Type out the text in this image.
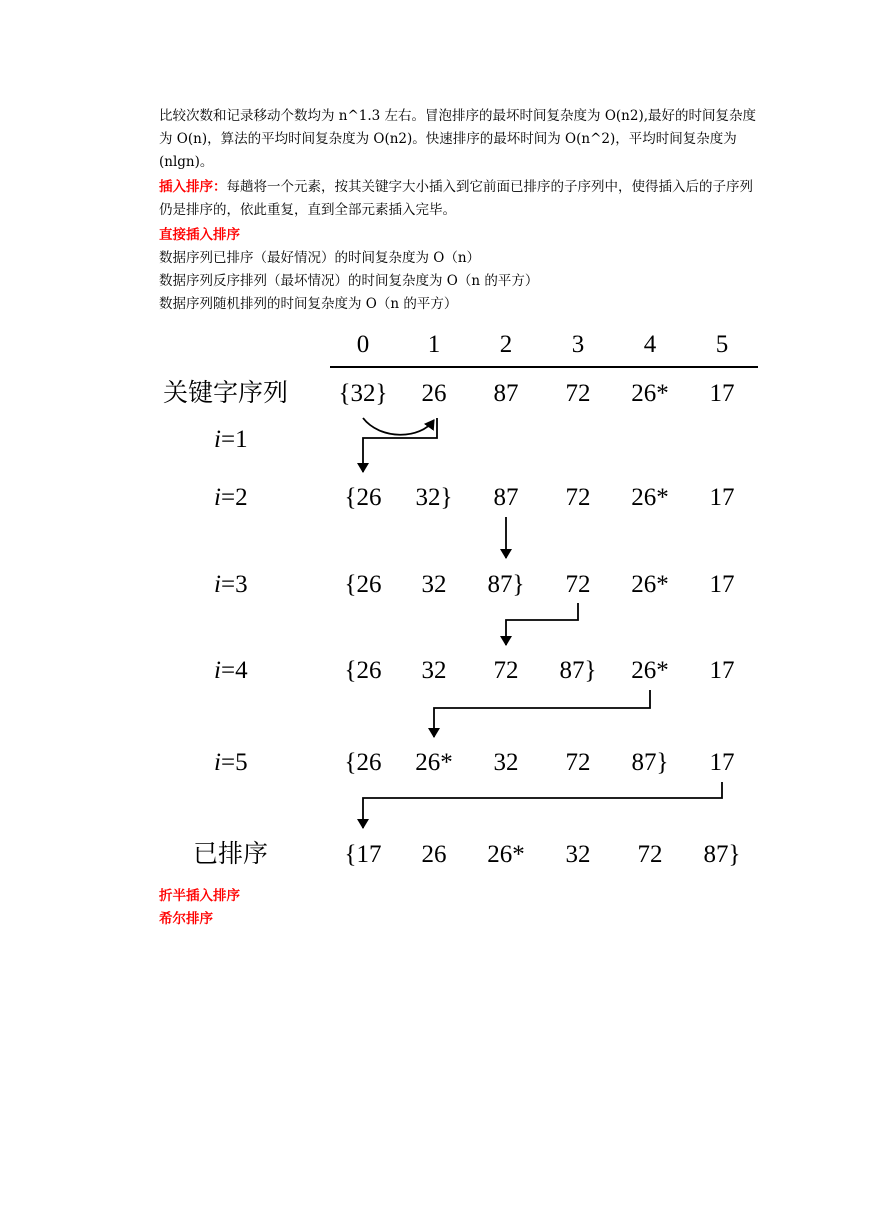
比较次数和记录移动个数均为 n^1.3 左右。冒泡排序的最坏时间复杂度为 O(n2),最好的时间复杂度为 O(n)，算法的平均时间复杂度为 O(n2)。快速排序的最坏时间为 O(n^2)，平均时间复杂度为(nlgn)。

插入排序：每趟将一个元素，按其关键字大小插入到它前面已排序的子序列中，使得插入后的子序列仍是排序的，依此重复，直到全部元素插入完毕。

直接插入排序
数据序列已排序（最好情况）的时间复杂度为 O（n）
数据序列反序排列（最坏情况）的时间复杂度为 O（n 的平方）
数据序列随机排列的时间复杂度为 O（n 的平方）
0 1 2 3 4 5
关键字序列
i=1
i=2
i=3
i=4
i=5
已排序
{32} 26 87 72 26* 17
{26 32} 87 72 26* 17
{26 32 87} 72 26* 17
{26 32 72 87} 26* 17
{26 26* 32 72 87} 17
{17 26 26* 32 72 87}
折半插入排序
希尔排序
